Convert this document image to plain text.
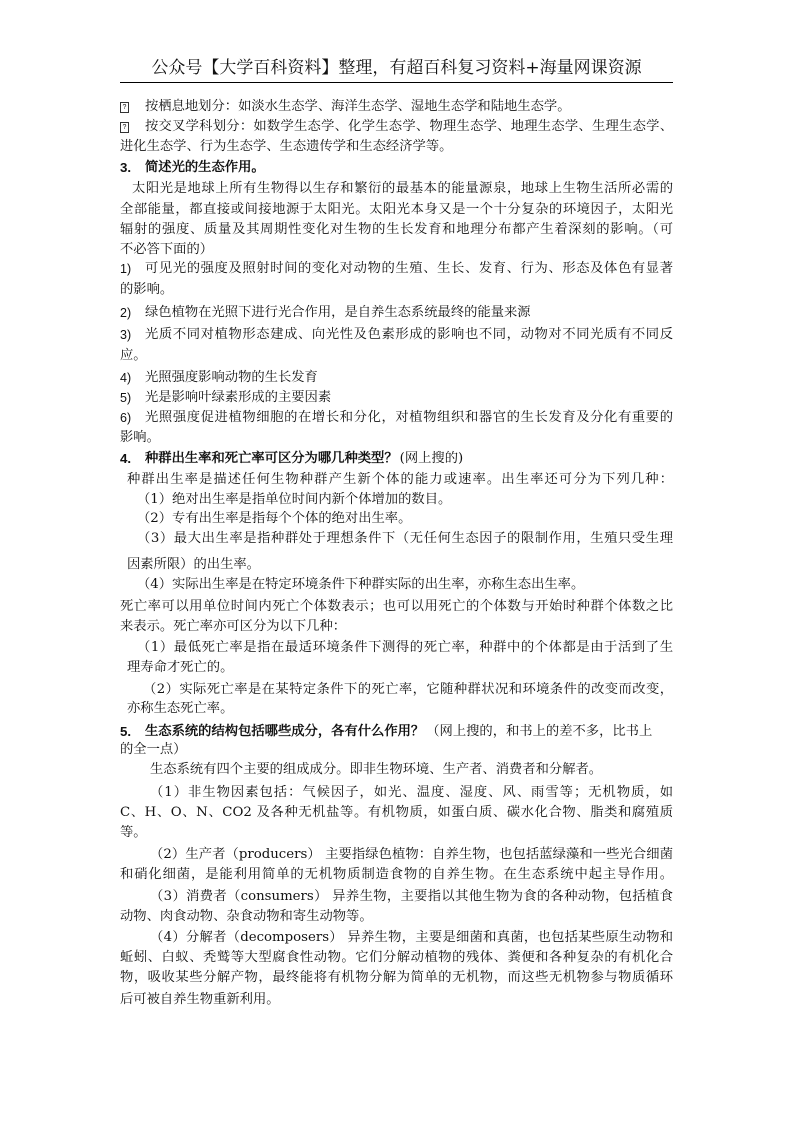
公众号【大学百科资料】整理，有超百科复习资料+海量网课资源
?	按栖息地划分：如淡水生态学、海洋生态学、湿地生态学和陆地生态学。
?	按交叉学科划分：如数学生态学、化学生态学、物理生态学、地理生态学、生理生态学、
进化生态学、行为生态学、生态遗传学和生态经济学等。
3.	简述光的生态作用。
太阳光是地球上所有生物得以生存和繁衍的最基本的能量源泉，地球上生物生活所必需的
全部能量，都直接或间接地源于太阳光。太阳光本身又是一个十分复杂的环境因子，太阳光
辐射的强度、质量及其周期性变化对生物的生长发育和地理分布都产生着深刻的影响。（可
不必答下面的）
1)	可见光的强度及照射时间的变化对动物的生殖、生长、发育、行为、形态及体色有显著
的影响。
2)	绿色植物在光照下进行光合作用，是自养生态系统最终的能量来源
3)	光质不同对植物形态建成、向光性及色素形成的影响也不同，动物对不同光质有不同反
应。
4)	光照强度影响动物的生长发育
5)	光是影响叶绿素形成的主要因素
6)	光照强度促进植物细胞的在增长和分化，对植物组织和器官的生长发育及分化有重要的
影响。
4.	种群出生率和死亡率可区分为哪几种类型？ (网上搜的)
种群出生率是描述任何生物种群产生新个体的能力或速率。出生率还可分为下列几种：
（1）绝对出生率是指单位时间内新个体增加的数目。
（2）专有出生率是指每个个体的绝对出生率。
（3）最大出生率是指种群处于理想条件下（无任何生态因子的限制作用，生殖只受生理
因素所限）的出生率。
（4）实际出生率是在特定环境条件下种群实际的出生率，亦称生态出生率。
死亡率可以用单位时间内死亡个体数表示；也可以用死亡的个体数与开始时种群个体数之比
来表示。死亡率亦可区分为以下几种：
（1）最低死亡率是指在最适环境条件下测得的死亡率，种群中的个体都是由于活到了生
理寿命才死亡的。
（2）实际死亡率是在某特定条件下的死亡率，它随种群状况和环境条件的改变而改变，
亦称生态死亡率。
5.	生态系统的结构包括哪些成分，各有什么作用？ （网上搜的，和书上的差不多，比书上
的全一点）
生态系统有四个主要的组成成分。即非生物环境、生产者、消费者和分解者。
（1）非生物因素包括：气候因子，如光、温度、湿度、风、雨雪等；无机物质，如
C、H、O、N、CO2 及各种无机盐等。有机物质，如蛋白质、碳水化合物、脂类和腐殖质
等。
（2）生产者（producers） 主要指绿色植物：自养生物，也包括蓝绿藻和一些光合细菌
和硝化细菌，是能利用简单的无机物质制造食物的自养生物。在生态系统中起主导作用。
（3）消费者（consumers） 异养生物，主要指以其他生物为食的各种动物，包括植食
动物、肉食动物、杂食动物和寄生动物等。
（4）分解者（decomposers） 异养生物，主要是细菌和真菌，也包括某些原生动物和
蚯蚓、白蚁、秃鹫等大型腐食性动物。它们分解动植物的残体、粪便和各种复杂的有机化合
物，吸收某些分解产物，最终能将有机物分解为简单的无机物，而这些无机物参与物质循环
后可被自养生物重新利用。
